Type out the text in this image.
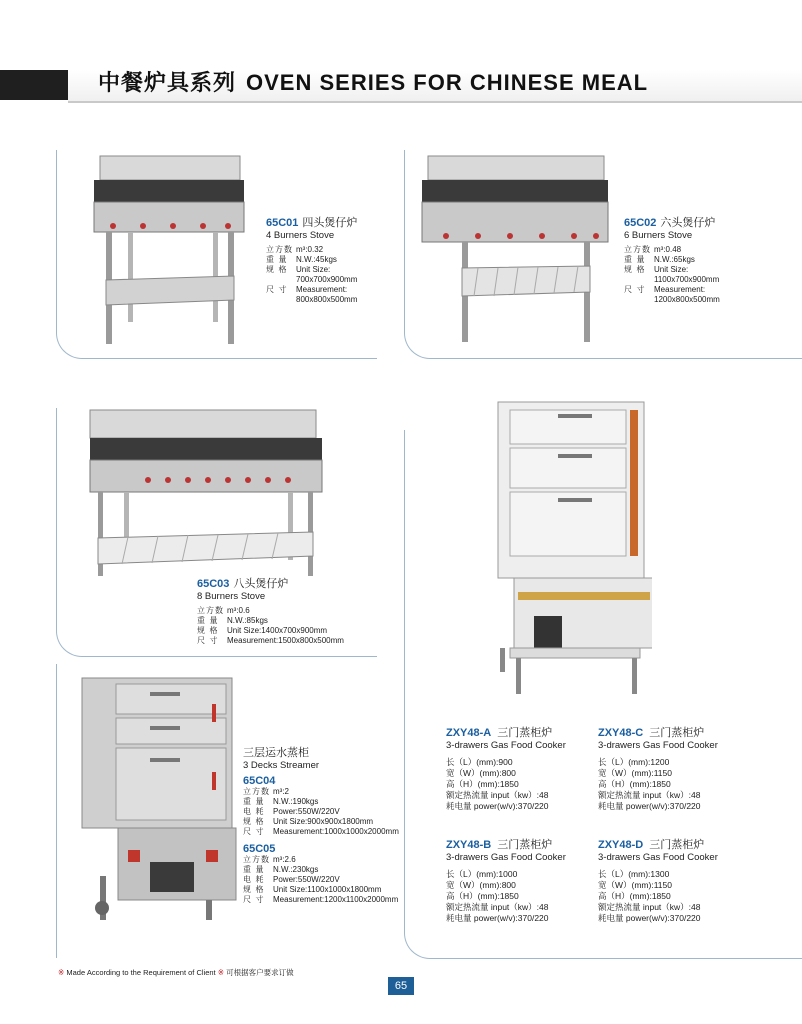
中餐炉具系列 OVEN SERIES FOR CHINESE MEAL
65C01 四头煲仔炉
4 Burners Stove
立方数 m³:0.32
重 量	N.W.:45kgs
规 格	Unit Size:
700x700x900mm
尺 寸	Measurement:
800x800x500mm
65C02 六头煲仔炉
6 Burners Stove
立方数 m³:0.48
重 量	N.W.:65kgs
规 格	Unit Size:
1100x700x900mm
尺 寸	Measurement:
1200x800x500mm
65C03 八头煲仔炉
8 Burners Stove
立方数 m³:0.6
重 量	N.W.:85kgs
规 格	Unit Size:1400x700x900mm
尺 寸	Measurement:1500x800x500mm
ZXY48-A 三门蒸柜炉
3-drawers Gas Food Cooker
长（L）(mm):900
宽（W）(mm):800
高（H）(mm):1850
额定热流量 input（kw）:48
耗电量 power(w/v):370/220
ZXY48-C 三门蒸柜炉
3-drawers Gas Food Cooker
长（L）(mm):1200
宽（W）(mm):1150
高（H）(mm):1850
额定热流量 input（kw）:48
耗电量 power(w/v):370/220
ZXY48-B 三门蒸柜炉
3-drawers Gas Food Cooker
长（L）(mm):1000
宽（W）(mm):800
高（H）(mm):1850
额定热流量 input（kw）:48
耗电量 power(w/v):370/220
ZXY48-D 三门蒸柜炉
3-drawers Gas Food Cooker
长（L）(mm):1300
宽（W）(mm):1150
高（H）(mm):1850
额定热流量 input（kw）:48
耗电量 power(w/v):370/220
三层运水蒸柜
3 Decks Streamer
65C04
立方数 m³:2
重 量	N.W.:190kgs
电 耗	Power:550W/220V
规 格	Unit Size:900x900x1800mm
尺 寸	Measurement:1000x1000x2000mm
65C05
立方数 m³:2.6
重 量	N.W.:230kgs
电 耗	Power:550W/220V
规 格	Unit Size:1100x1000x1800mm
尺 寸	Measurement:1200x1100x2000mm
※ Made According to the Requirement of Client ※ 可根据客户要求订做
65
